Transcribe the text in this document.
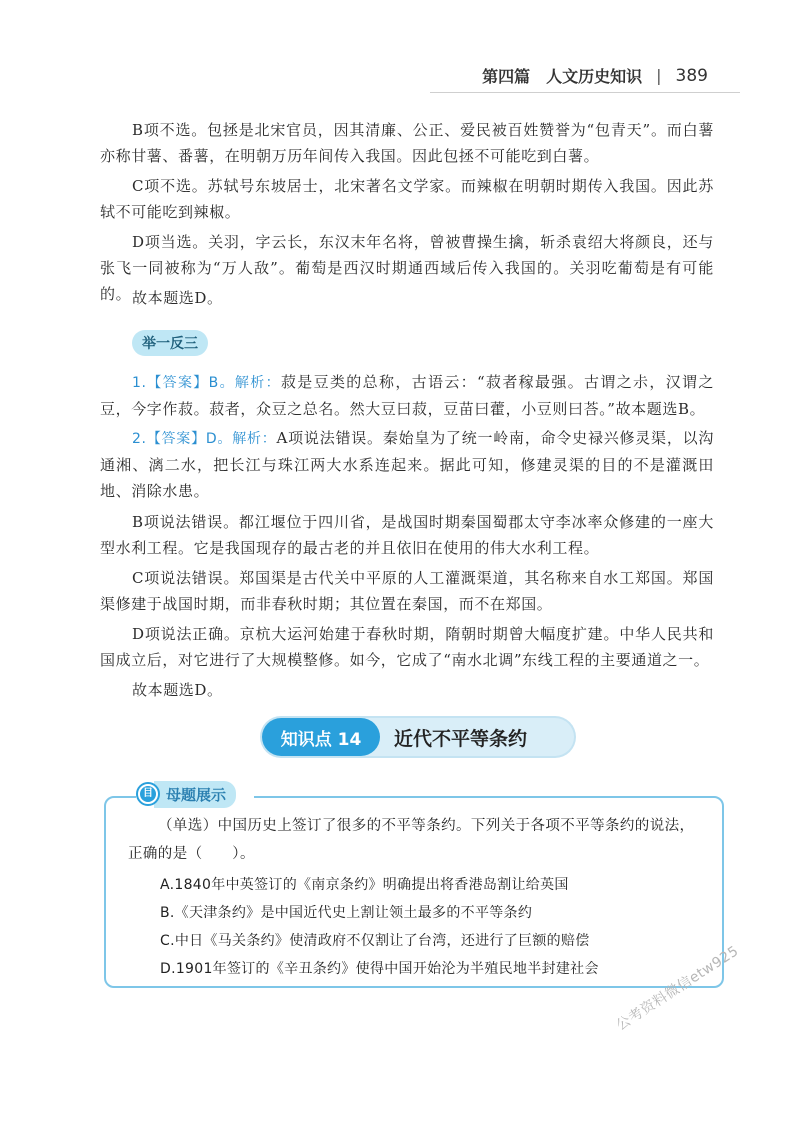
第四篇　人文历史知识 | 389
B项不选。包拯是北宋官员，因其清廉、公正、爱民被百姓赞誉为“包青天”。而白薯亦称甘薯、番薯，在明朝万历年间传入我国。因此包拯不可能吃到白薯。
C项不选。苏轼号东坡居士，北宋著名文学家。而辣椒在明朝时期传入我国。因此苏轼不可能吃到辣椒。
D项当选。关羽，字云长，东汉末年名将，曾被曹操生擒，斩杀袁绍大将颜良，还与张飞一同被称为“万人敌”。葡萄是西汉时期通西域后传入我国的。关羽吃葡萄是有可能的。 故本题选D。
举一反三
1.【答案】B。解析：菽是豆类的总称，古语云：“菽者稼最强。古谓之尗，汉谓之豆，今字作菽。菽者，众豆之总名。然大豆曰菽，豆苗曰藿，小豆则曰荅。”故本题选B。
2.【答案】D。解析：A项说法错误。秦始皇为了统一岭南，命令史禄兴修灵渠，以沟通湘、漓二水，把长江与珠江两大水系连起来。据此可知，修建灵渠的目的不是灌溉田地、消除水患。
B项说法错误。都江堰位于四川省，是战国时期秦国蜀郡太守李冰率众修建的一座大型水利工程。它是我国现存的最古老的并且依旧在使用的伟大水利工程。
C项说法错误。郑国渠是古代关中平原的人工灌溉渠道，其名称来自水工郑国。郑国渠修建于战国时期，而非春秋时期；其位置在秦国，而不在郑国。
D项说法正确。京杭大运河始建于春秋时期，隋朝时期曾大幅度扩建。中华人民共和国成立后，对它进行了大规模整修。如今，它成了“南水北调”东线工程的主要通道之一。
故本题选D。
知识点 14	近代不平等条约
目 母题展示
（单选）中国历史上签订了很多的不平等条约。下列关于各项不平等条约的说法，正确的是（　　）。
A.1840年中英签订的《南京条约》明确提出将香港岛割让给英国
B.《天津条约》是中国近代史上割让领土最多的不平等条约
C.中日《马关条约》使清政府不仅割让了台湾，还进行了巨额的赔偿
D.1901年签订的《辛丑条约》使得中国开始沦为半殖民地半封建社会 公考资料微信etw925
